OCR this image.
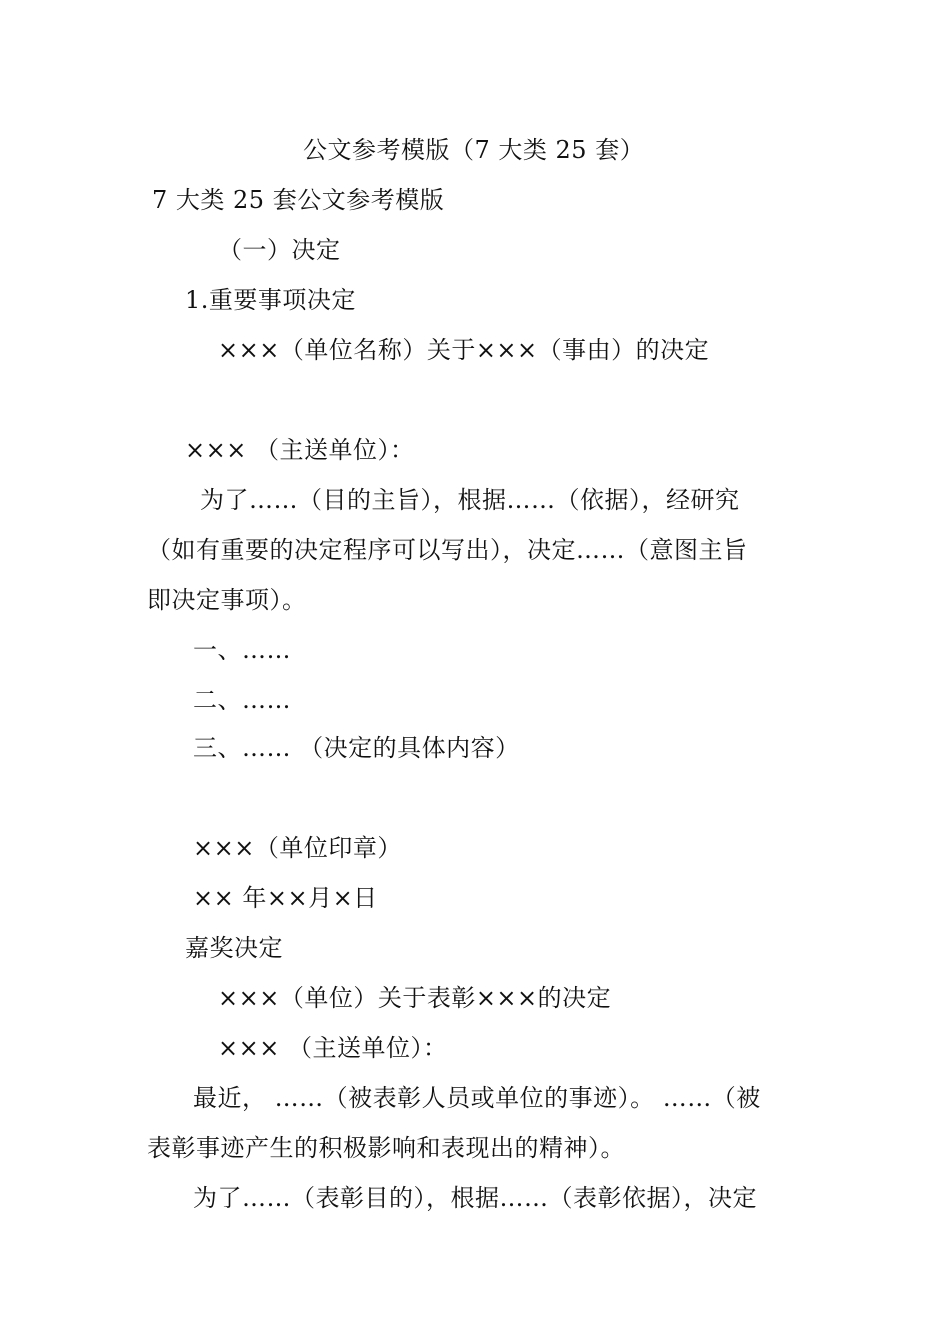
公文参考模版（7 大类 25 套）
7 大类 25 套公文参考模版
（一）决定
1.重要事项决定
×××（单位名称）关于×××（事由）的决定
××× （主送单位）：
为了……（目的主旨），根据……（依据），经研究
（如有重要的决定程序可以写出），决定……（意图主旨
即决定事项）。
一、……
二、……
三、…… （决定的具体内容）
×××（单位印章）
×× 年××月×日
嘉奖决定
×××（单位）关于表彰×××的决定
××× （主送单位）：
最近， ……（被表彰人员或单位的事迹）。 ……（被
表彰事迹产生的积极影响和表现出的精神）。
为了……（表彰目的），根据……（表彰依据），决定
